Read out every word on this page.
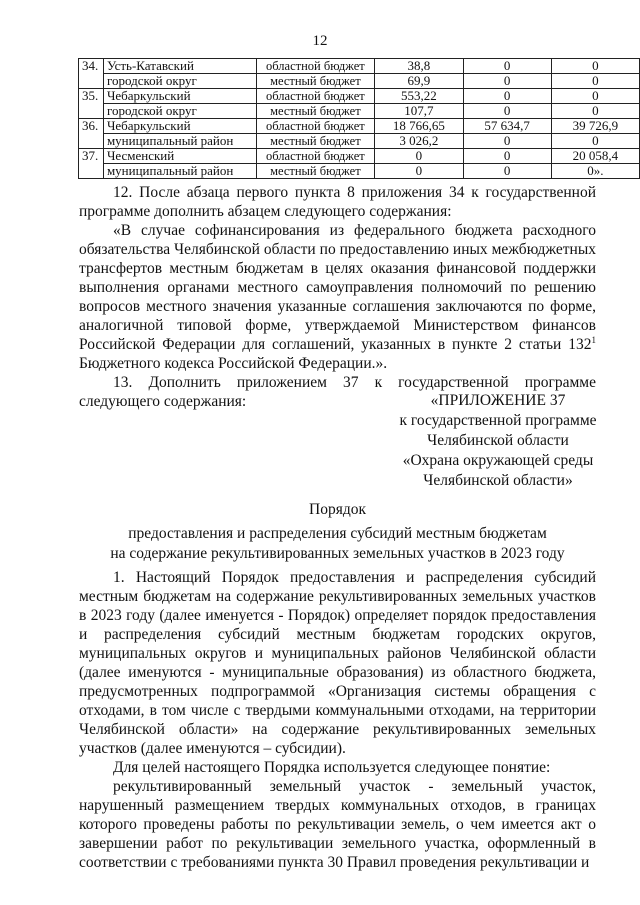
12
34.	Усть-Катавский	областной бюджет	38,8	0	0
	городской округ	местный бюджет	69,9	0	0
35.	Чебаркульский	областной бюджет	553,22	0	0
	городской округ	местный бюджет	107,7	0	0
36.	Чебаркульский	областной бюджет	18 766,65	57 634,7	39 726,9
	муниципальный район	местный бюджет	3 026,2	0	0
37.	Чесменский	областной бюджет	0	0	20 058,4
	муниципальный район	местный бюджет	0	0	0».

12. После абзаца первого пункта 8 приложения 34 к государственной программе дополнить абзацем следующего содержания:

«В случае софинансирования из федерального бюджета расходного обязательства Челябинской области по предоставлению иных межбюджетных трансфертов местным бюджетам в целях оказания финансовой поддержки выполнения органами местного самоуправления полномочий по решению вопросов местного значения указанные соглашения заключаются по форме, аналогичной типовой форме, утверждаемой Министерством финансов Российской Федерации для соглашений, указанных в пункте 2 статьи $132^1$ Бюджетного кодекса Российской Федерации.».

13. Дополнить приложением 37 к государственной программе следующего содержания:	«ПРИЛОЖЕНИЕ 37
к государственной программе
Челябинской области
«Охрана окружающей среды
Челябинской области»
Порядок
предоставления и распределения субсидий местным бюджетам
на содержание рекультивированных земельных участков в 2023 году

1. Настоящий Порядок предоставления и распределения субсидий местным бюджетам на содержание рекультивированных земельных участков в 2023 году (далее именуется - Порядок) определяет порядок предоставления и распределения субсидий местным бюджетам городских округов, муниципальных округов и муниципальных районов Челябинской области (далее именуются - муниципальные образования) из областного бюджета, предусмотренных подпрограммой «Организация системы обращения с отходами, в том числе с твердыми коммунальными отходами, на территории Челябинской области» на содержание рекультивированных земельных участков (далее именуются – субсидии).

Для целей настоящего Порядка используется следующее понятие:

рекультивированный земельный участок - земельный участок, нарушенный размещением твердых коммунальных отходов, в границах которого проведены работы по рекультивации земель, о чем имеется акт о завершении работ по рекультивации земельного участка, оформленный в соответствии с требованиями пункта 30 Правил проведения рекультивации и
